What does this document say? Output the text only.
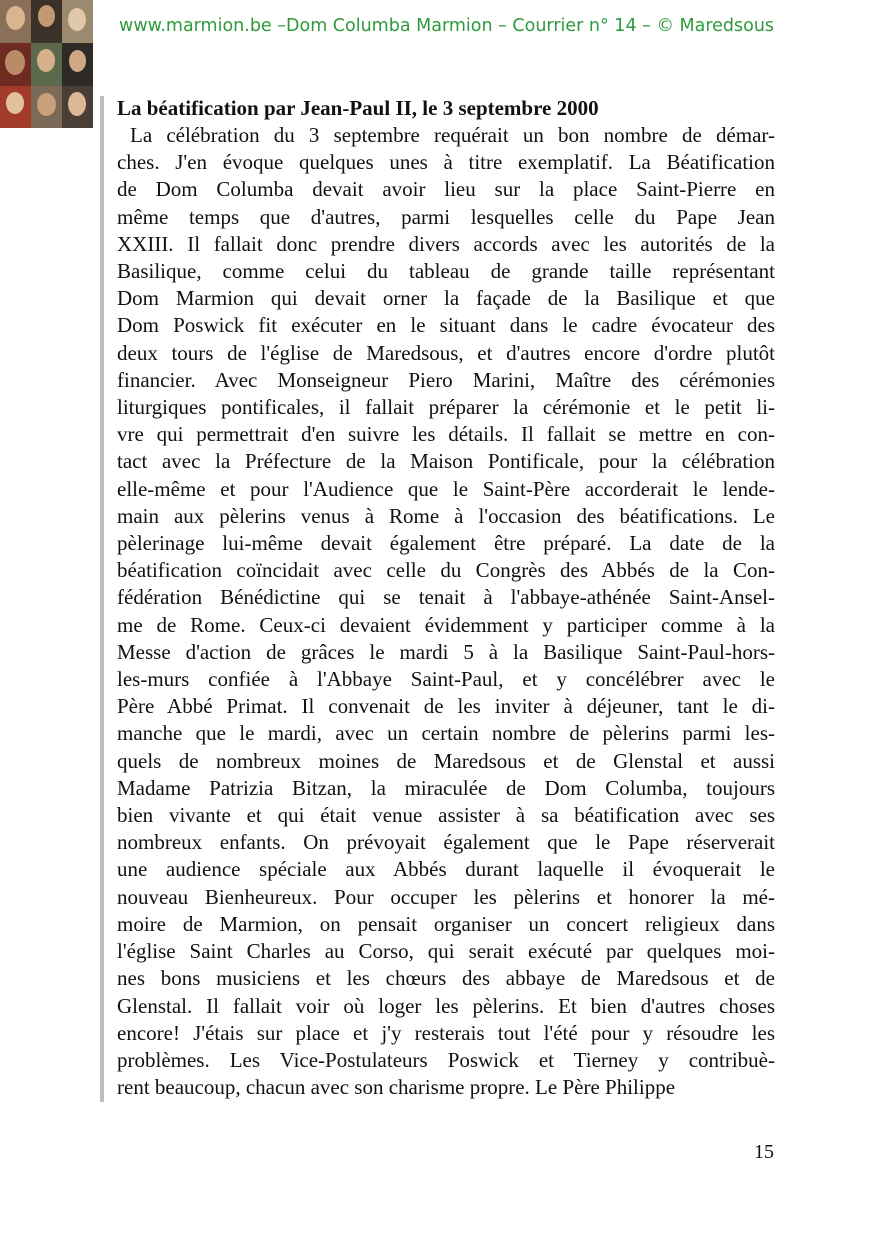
www.marmion.be –Dom Columba Marmion – Courrier n° 14 – © Maredsous
La béatification par Jean-Paul II, le 3 septembre 2000
La célébration du 3 septembre requérait un bon nombre de démar-
ches. J'en évoque quelques unes à titre exemplatif. La Béatification
de Dom Columba devait avoir lieu sur la place Saint-Pierre en
même temps que d'autres, parmi lesquelles celle du Pape Jean
XXIII. Il fallait donc prendre divers accords avec les autorités de la
Basilique, comme celui du tableau de grande taille représentant
Dom Marmion qui devait orner la façade de la Basilique et que
Dom Poswick fit exécuter en le situant dans le cadre évocateur des
deux tours de l'église de Maredsous, et d'autres encore d'ordre plutôt
financier. Avec Monseigneur Piero Marini, Maître des cérémonies
liturgiques pontificales, il fallait préparer la cérémonie et le petit li-
vre qui permettrait d'en suivre les détails. Il fallait se mettre en con-
tact avec la Préfecture de la Maison Pontificale, pour la célébration
elle-même et pour l'Audience que le Saint-Père accorderait le lende-
main aux pèlerins venus à Rome à l'occasion des béatifications. Le
pèlerinage lui-même devait également être préparé. La date de la
béatification coïncidait avec celle du Congrès des Abbés de la Con-
fédération Bénédictine qui se tenait à l'abbaye-athénée Saint-Ansel-
me de Rome. Ceux-ci devaient évidemment y participer comme à la
Messe d'action de grâces le mardi 5 à la Basilique Saint-Paul-hors-
les-murs confiée à l'Abbaye Saint-Paul, et y concélébrer avec le
Père Abbé Primat. Il convenait de les inviter à déjeuner, tant le di-
manche que le mardi, avec un certain nombre de pèlerins parmi les-
quels de nombreux moines de Maredsous et de Glenstal et aussi
Madame Patrizia Bitzan, la miraculée de Dom Columba, toujours
bien vivante et qui était venue assister à sa béatification avec ses
nombreux enfants. On prévoyait également que le Pape réserverait
une audience spéciale aux Abbés durant laquelle il évoquerait le
nouveau Bienheureux. Pour occuper les pèlerins et honorer la mé-
moire de Marmion, on pensait organiser un concert religieux dans
l'église Saint Charles au Corso, qui serait exécuté par quelques moi-
nes bons musiciens et les chœurs des abbaye de Maredsous et de
Glenstal. Il fallait voir où loger les pèlerins. Et bien d'autres choses
encore! J'étais sur place et j'y resterais tout l'été pour y résoudre les
problèmes. Les Vice-Postulateurs Poswick et Tierney y contribuè-
rent beaucoup, chacun avec son charisme propre. Le Père Philippe
15
